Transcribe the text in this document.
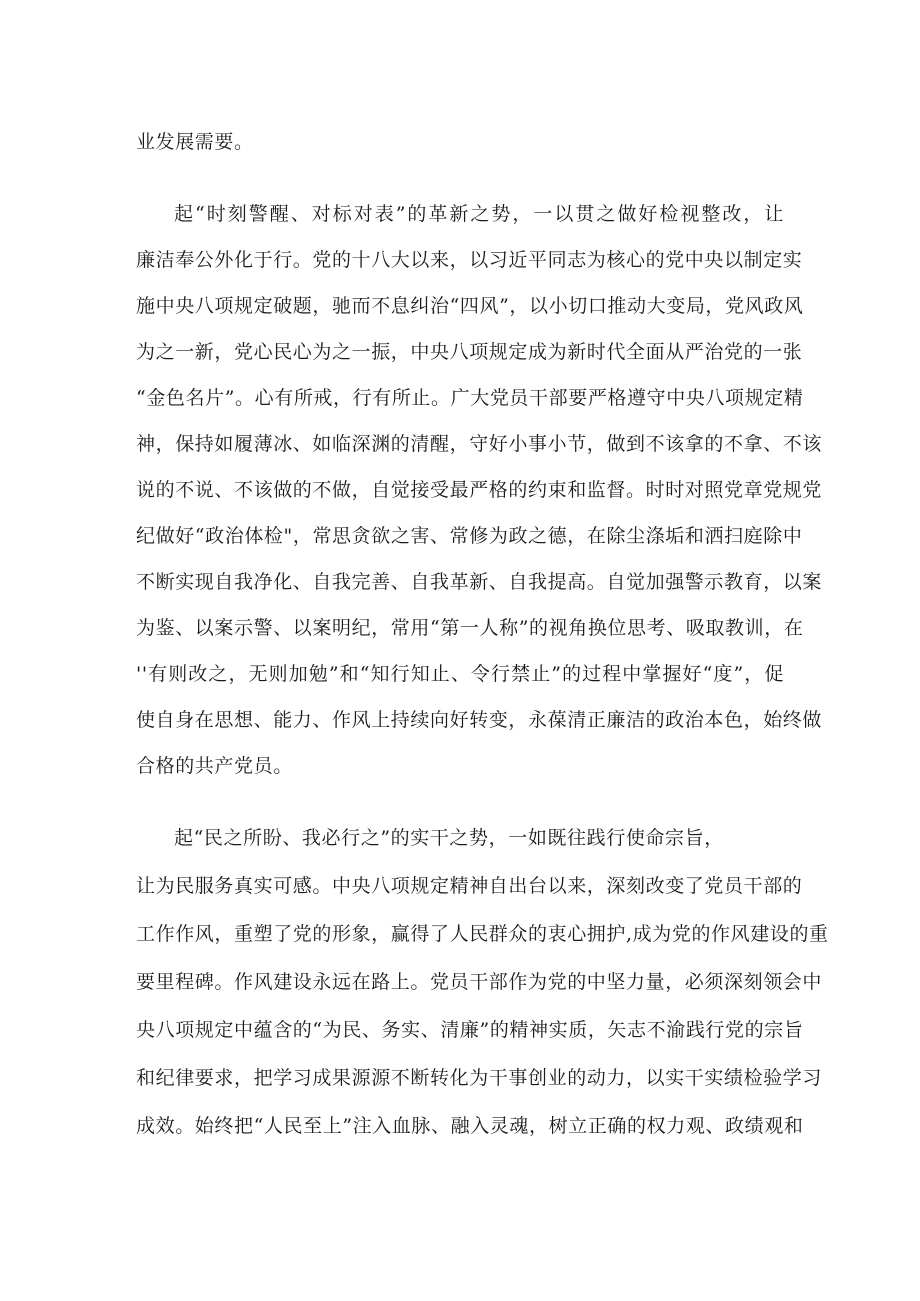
业发展需要。
起“时刻警醒、对标对表”的革新之势，一以贯之做好检视整改，让
廉洁奉公外化于行。党的十八大以来，以习近平同志为核心的党中央以制定实
施中央八项规定破题，驰而不息纠治“四风”，以小切口推动大变局，党风政风
为之一新，党心民心为之一振，中央八项规定成为新时代全面从严治党的一张
“金色名片”。心有所戒，行有所止。广大党员干部要严格遵守中央八项规定精
神，保持如履薄冰、如临深渊的清醒，守好小事小节，做到不该拿的不拿、不该
说的不说、不该做的不做，自觉接受最严格的约束和监督。时时对照党章党规党
纪做好“政治体检"，常思贪欲之害、常修为政之德，在除尘涤垢和洒扫庭除中
不断实现自我净化、自我完善、自我革新、自我提高。自觉加强警示教育，以案
为鉴、以案示警、以案明纪，常用“第一人称”的视角换位思考、吸取教训，在
''有则改之，无则加勉”和“知行知止、令行禁止”的过程中掌握好“度”，促
使自身在思想、能力、作风上持续向好转变，永葆清正廉洁的政治本色，始终做
合格的共产党员。
起“民之所盼、我必行之”的实干之势，一如既往践行使命宗旨，
让为民服务真实可感。中央八项规定精神自出台以来，深刻改变了党员干部的
工作作风，重塑了党的形象，赢得了人民群众的衷心拥护,成为党的作风建设的重
要里程碑。作风建设永远在路上。党员干部作为党的中坚力量，必须深刻领会中
央八项规定中蕴含的“为民、务实、清廉”的精神实质，矢志不渝践行党的宗旨
和纪律要求，把学习成果源源不断转化为干事创业的动力，以实干实绩检验学习
成效。始终把“人民至上”注入血脉、融入灵魂，树立正确的权力观、政绩观和
